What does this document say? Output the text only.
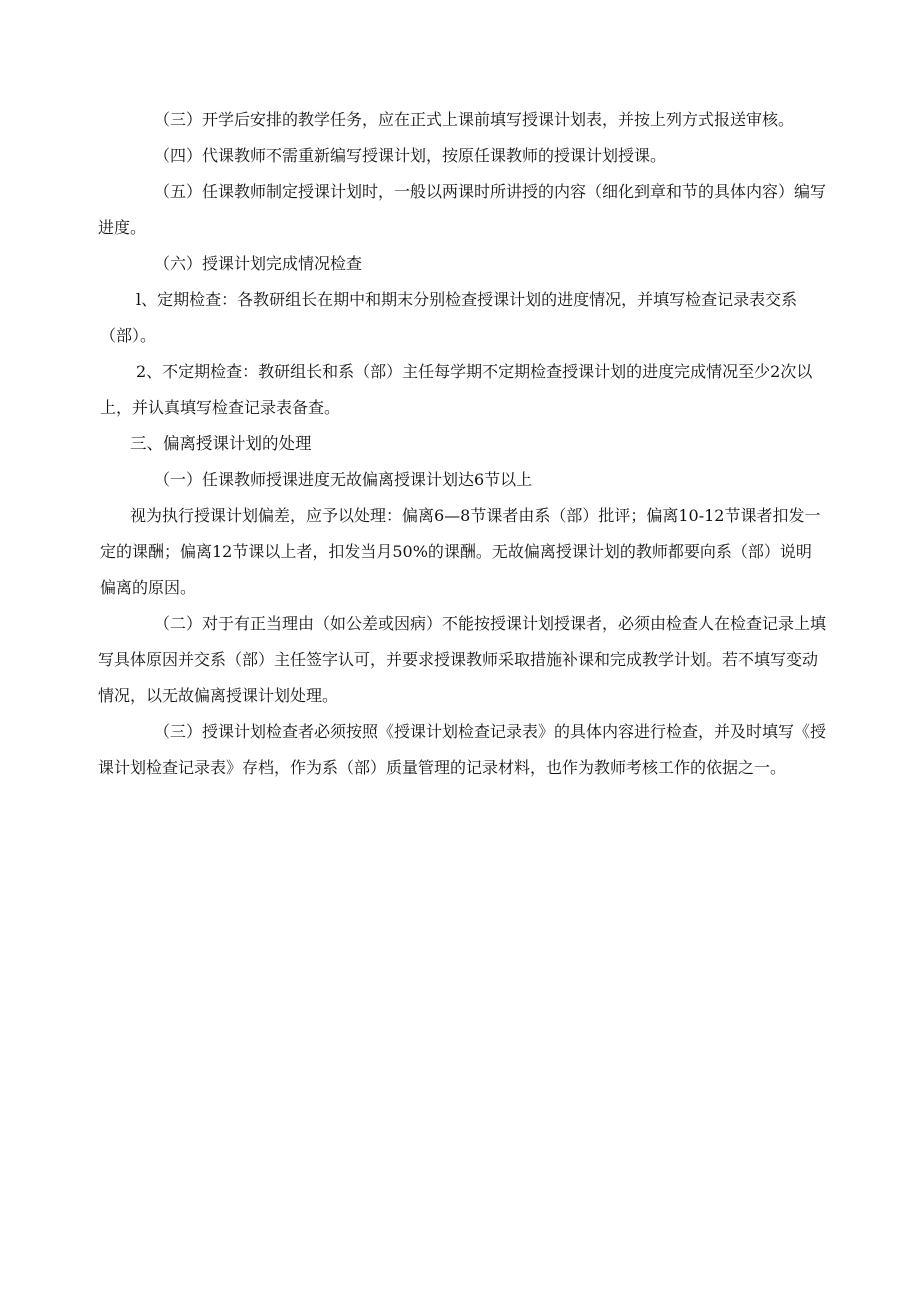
（三）开学后安排的教学任务，应在正式上课前填写授课计划表，并按上列方式报送审核。
（四）代课教师不需重新编写授课计划，按原任课教师的授课计划授课。
（五）任课教师制定授课计划时，一般以两课时所讲授的内容（细化到章和节的具体内容）编写进度。
（六）授课计划完成情况检查
l、定期检查：各教研组长在期中和期末分别检查授课计划的进度情况，并填写检查记录表交系（部）。
2、不定期检查：教研组长和系（部）主任每学期不定期检查授课计划的进度完成情况至少2次以上，并认真填写检查记录表备查。
三、偏离授课计划的处理
（一）任课教师授课进度无故偏离授课计划达6节以上
视为执行授课计划偏差，应予以处理：偏离6—8节课者由系（部）批评；偏离10-12节课者扣发一定的课酬；偏离12节课以上者，扣发当月50%的课酬。无故偏离授课计划的教师都要向系（部）说明偏离的原因。
（二）对于有正当理由（如公差或因病）不能按授课计划授课者，必须由检查人在检查记录上填写具体原因并交系（部）主任签字认可，并要求授课教师采取措施补课和完成教学计划。若不填写变动情况，以无故偏离授课计划处理。
（三）授课计划检查者必须按照《授课计划检查记录表》的具体内容进行检查，并及时填写《授课计划检查记录表》存档，作为系（部）质量管理的记录材料，也作为教师考核工作的依据之一。
